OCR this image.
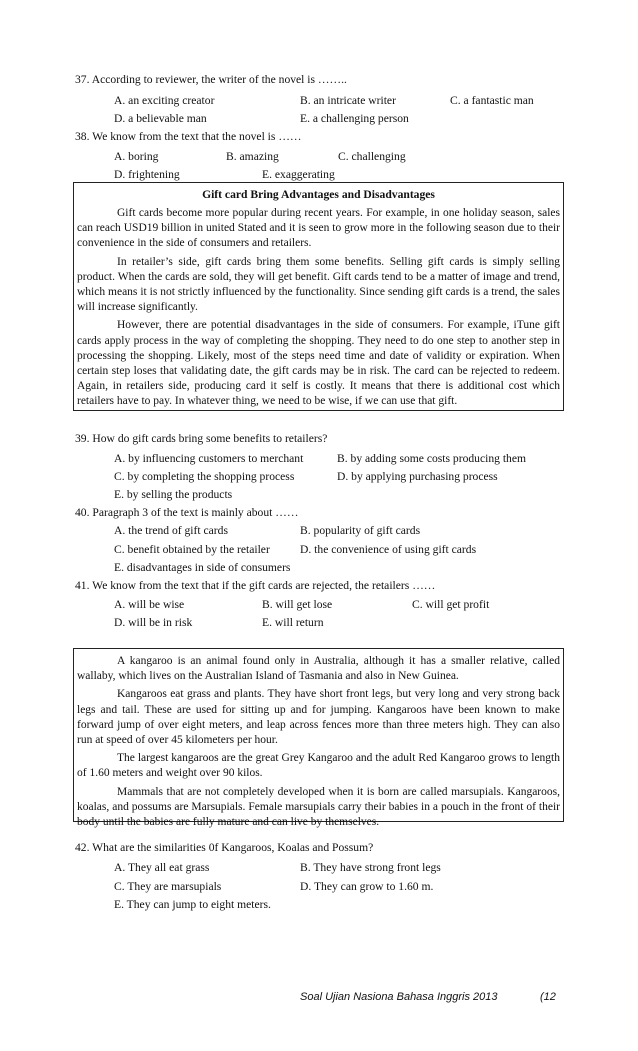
37. According to reviewer, the writer of the novel is ……..
A. an exciting creator	B. an intricate writer	C. a fantastic man
D. a believable man	E. a challenging person
38. We know from the text that the novel is ……
A. boring	B. amazing	C. challenging
D. frightening	E. exaggerating
Gift card Bring Advantages and Disadvantages

Gift cards become more popular during recent years. For example, in one holiday season, sales can reach USD19 billion in united Stated and it is seen to grow more in the following season due to their convenience in the side of consumers and retailers.

In retailer’s side, gift cards bring them some benefits. Selling gift cards is simply selling product. When the cards are sold, they will get benefit. Gift cards tend to be a matter of image and trend, which means it is not strictly influenced by the functionality. Since sending gift cards is a trend, the sales will increase significantly.

However, there are potential disadvantages in the side of consumers. For example, iTune gift cards apply process in the way of completing the shopping. They need to do one step to another step in processing the shopping. Likely, most of the steps need time and date of validity or expiration. When certain step loses that validating date, the gift cards may be in risk. The card can be rejected to redeem. Again, in retailers side, producing card it self is costly. It means that there is additional cost which retailers have to pay. In whatever thing, we need to be wise, if we can use that gift.

39. How do gift cards bring some benefits to retailers?
A. by influencing customers to merchant	B. by adding some costs producing them
C. by completing the shopping process	D. by applying purchasing process
E. by selling the products
40. Paragraph 3 of the text is mainly about ……
A. the trend of gift cards	B. popularity of gift cards
C. benefit obtained by the retailer	D. the convenience of using gift cards
E. disadvantages in side of consumers
41. We know from the text that if the gift cards are rejected, the retailers ……
A. will be wise	B. will get lose	C. will get profit
D. will be in risk	E. will return

A kangaroo is an animal found only in Australia, although it has a smaller relative, called wallaby, which lives on the Australian Island of Tasmania and also in New Guinea.

Kangaroos eat grass and plants. They have short front legs, but very long and very strong back legs and tail. These are used for sitting up and for jumping. Kangaroos have been known to make forward jump of over eight meters, and leap across fences more than three meters high. They can also run at speed of over 45 kilometers per hour.

The largest kangaroos are the great Grey Kangaroo and the adult Red Kangaroo grows to length of 1.60 meters and weight over 90 kilos.

Mammals that are not completely developed when it is born are called marsupials. Kangaroos, koalas, and possums are Marsupials. Female marsupials carry their babies in a pouch in the front of their body until the babies are fully mature and can live by themselves.

42. What are the similarities 0f Kangaroos, Koalas and Possum?
A. They all eat grass	B. They have strong front legs
C. They are marsupials	D. They can grow to 1.60 m.
E. They can jump to eight meters.
Soal Ujian Nasiona Bahasa Inggris 2013	(12
